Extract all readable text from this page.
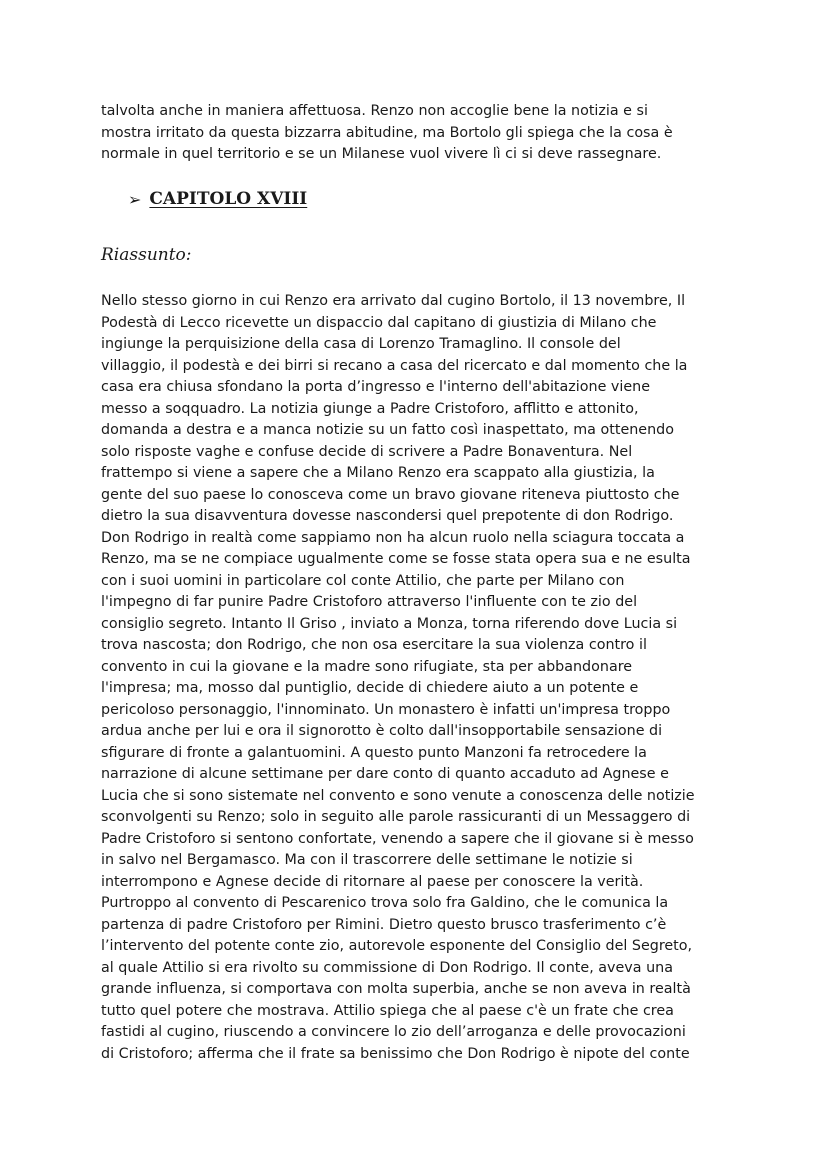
talvolta anche in maniera affettuosa. Renzo non accoglie bene la notizia e si
mostra irritato da questa bizzarra abitudine, ma Bortolo gli spiega che la cosa è
normale in quel territorio e se un Milanese vuol vivere lì ci si deve rassegnare.
➢ CAPITOLO XVIII
Riassunto:
Nello stesso giorno in cui Renzo era arrivato dal cugino Bortolo, il 13 novembre, Il
Podestà di Lecco ricevette un dispaccio dal capitano di giustizia di Milano che
ingiunge la perquisizione della casa di Lorenzo Tramaglino. Il console del
villaggio, il podestà e dei birri si recano a casa del ricercato e dal momento che la
casa era chiusa sfondano la porta d’ingresso e l'interno dell'abitazione viene
messo a soqquadro. La notizia giunge a Padre Cristoforo, afflitto e attonito,
domanda a destra e a manca notizie su un fatto così inaspettato, ma ottenendo
solo risposte vaghe e confuse decide di scrivere a Padre Bonaventura. Nel
frattempo si viene a sapere che a Milano Renzo era scappato alla giustizia, la
gente del suo paese lo conosceva come un bravo giovane riteneva piuttosto che
dietro la sua disavventura dovesse nascondersi quel prepotente di don Rodrigo.
Don Rodrigo in realtà come sappiamo non ha alcun ruolo nella sciagura toccata a
Renzo, ma se ne compiace ugualmente come se fosse stata opera sua e ne esulta
con i suoi uomini in particolare col conte Attilio, che parte per Milano con
l'impegno di far punire Padre Cristoforo attraverso l'influente con te zio del
consiglio segreto. Intanto Il Griso , inviato a Monza, torna riferendo dove Lucia si
trova nascosta; don Rodrigo, che non osa esercitare la sua violenza contro il
convento in cui la giovane e la madre sono rifugiate, sta per abbandonare
l'impresa; ma, mosso dal puntiglio, decide di chiedere aiuto a un potente e
pericoloso personaggio, l'innominato. Un monastero è infatti un'impresa troppo
ardua anche per lui e ora il signorotto è colto dall'insopportabile sensazione di
sfigurare di fronte a galantuomini. A questo punto Manzoni fa retrocedere la
narrazione di alcune settimane per dare conto di quanto accaduto ad Agnese e
Lucia che si sono sistemate nel convento e sono venute a conoscenza delle notizie
sconvolgenti su Renzo; solo in seguito alle parole rassicuranti di un Messaggero di
Padre Cristoforo si sentono confortate, venendo a sapere che il giovane si è messo
in salvo nel Bergamasco. Ma con il trascorrere delle settimane le notizie si
interrompono e Agnese decide di ritornare al paese per conoscere la verità.
Purtroppo al convento di Pescarenico trova solo fra Galdino, che le comunica la
partenza di padre Cristoforo per Rimini. Dietro questo brusco trasferimento c’è
l’intervento del potente conte zio, autorevole esponente del Consiglio del Segreto,
al quale Attilio si era rivolto su commissione di Don Rodrigo. Il conte, aveva una
grande influenza, si comportava con molta superbia, anche se non aveva in realtà
tutto quel potere che mostrava. Attilio spiega che al paese c'è un frate che crea
fastidi al cugino, riuscendo a convincere lo zio dell’arroganza e delle provocazioni
di Cristoforo; afferma che il frate sa benissimo che Don Rodrigo è nipote del conte
